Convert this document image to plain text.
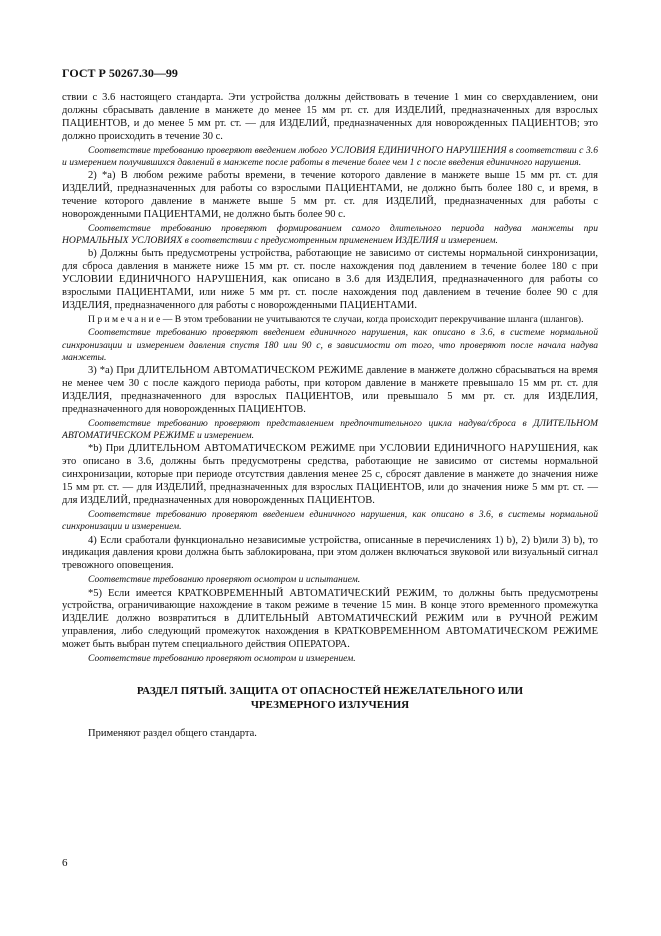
ГОСТ Р 50267.30—99

ствии с 3.6 настоящего стандарта. Эти устройства должны действовать в течение 1 мин со сверхдавлением, они должны сбрасывать давление в манжете до менее 15 мм рт. ст. для ИЗДЕЛИЙ, предназначенных для взрослых ПАЦИЕНТОВ, и до менее 5 мм рт. ст. — для ИЗДЕЛИЙ, предназначенных для новорожденных ПАЦИЕНТОВ; это должно происходить в течение 30 с.

Соответствие требованию проверяют введением любого УСЛОВИЯ ЕДИНИЧНОГО НАРУШЕНИЯ в соответствии с 3.6 и измерением получившихся давлений в манжете после работы в течение более чем 1 с после введения единичного нарушения.

2) *а) В любом режиме работы времени, в течение которого давление в манжете выше 15 мм рт. ст. для ИЗДЕЛИЙ, предназначенных для работы со взрослыми ПАЦИЕНТАМИ, не должно быть более 180 с, и время, в течение которого давление в манжете выше 5 мм рт. ст. для ИЗДЕЛИЙ, предназначенных для работы с новорожденными ПАЦИЕНТАМИ, не должно быть более 90 с.

Соответствие требованию проверяют формированием самого длительного периода надува манжеты при НОРМАЛЬНЫХ УСЛОВИЯХ в соответствии с предусмотренным применением ИЗДЕЛИЯ и измерением.

b) Должны быть предусмотрены устройства, работающие не зависимо от системы нормальной синхронизации, для сброса давления в манжете ниже 15 мм рт. ст. после нахождения под давлением в течение более 180 с при УСЛОВИИ ЕДИНИЧНОГО НАРУШЕНИЯ, как описано в 3.6 для ИЗДЕЛИЯ, предназначенного для работы со взрослыми ПАЦИЕНТАМИ, или ниже 5 мм рт. ст. после нахождения под давлением в течение более 90 с для ИЗДЕЛИЯ, предназначенного для работы с новорожденными ПАЦИЕНТАМИ.

П р и м е ч а н и е — В этом требовании не учитываются те случаи, когда происходит перекручивание шланга (шлангов).

Соответствие требованию проверяют введением единичного нарушения, как описано в 3.6, в системе нормальной синхронизации и измерением давления спустя 180 или 90 с, в зависимости от того, что проверяют после начала надува манжеты.

3) *а) При ДЛИТЕЛЬНОМ АВТОМАТИЧЕСКОМ РЕЖИМЕ давление в манжете должно сбрасываться на время не менее чем 30 с после каждого периода работы, при котором давление в манжете превышало 15 мм рт. ст. для ИЗДЕЛИЯ, предназначенного для взрослых ПАЦИЕНТОВ, или превышало 5 мм рт. ст. для ИЗДЕЛИЯ, предназначенного для новорожденных ПАЦИЕНТОВ.

Соответствие требованию проверяют представлением предпочтительного цикла надува/сброса в ДЛИТЕЛЬНОМ АВТОМАТИЧЕСКОМ РЕЖИМЕ и измерением.

*b) При ДЛИТЕЛЬНОМ АВТОМАТИЧЕСКОМ РЕЖИМЕ при УСЛОВИИ ЕДИНИЧНОГО НАРУШЕНИЯ, как это описано в 3.6, должны быть предусмотрены средства, работающие не зависимо от системы нормальной синхронизации, которые при периоде отсутствия давления менее 25 с, сбросят давление в манжете до значения ниже 15 мм рт. ст. — для ИЗДЕЛИЙ, предназначенных для взрослых ПАЦИЕНТОВ, или до значения ниже 5 мм рт. ст. — для ИЗДЕЛИЙ, предназначенных для новорожденных ПАЦИЕНТОВ.

Соответствие требованию проверяют введением единичного нарушения, как описано в 3.6, в системы нормальной синхронизации и измерением.

4) Если сработали функционально независимые устройства, описанные в перечислениях 1) b), 2) b)или 3) b), то индикация давления крови должна быть заблокирована, при этом должен включаться звуковой или визуальный сигнал тревожного оповещения.

Соответствие требованию проверяют осмотром и испытанием.

*5) Если имеется КРАТКОВРЕМЕННЫЙ АВТОМАТИЧЕСКИЙ РЕЖИМ, то должны быть предусмотрены устройства, ограничивающие нахождение в таком режиме в течение 15 мин. В конце этого временного промежутка ИЗДЕЛИЕ должно возвратиться в ДЛИТЕЛЬНЫЙ АВТОМАТИЧЕСКИЙ РЕЖИМ или в РУЧНОЙ РЕЖИМ управления, либо следующий промежуток нахождения в КРАТКОВРЕМЕННОМ АВТОМАТИЧЕСКОМ РЕЖИМЕ может быть выбран путем специального действия ОПЕРАТОРА.

Соответствие требованию проверяют осмотром и измерением.

РАЗДЕЛ ПЯТЫЙ. ЗАЩИТА ОТ ОПАСНОСТЕЙ НЕЖЕЛАТЕЛЬНОГО ИЛИ ЧРЕЗМЕРНОГО ИЗЛУЧЕНИЯ

Применяют раздел общего стандарта.

6
